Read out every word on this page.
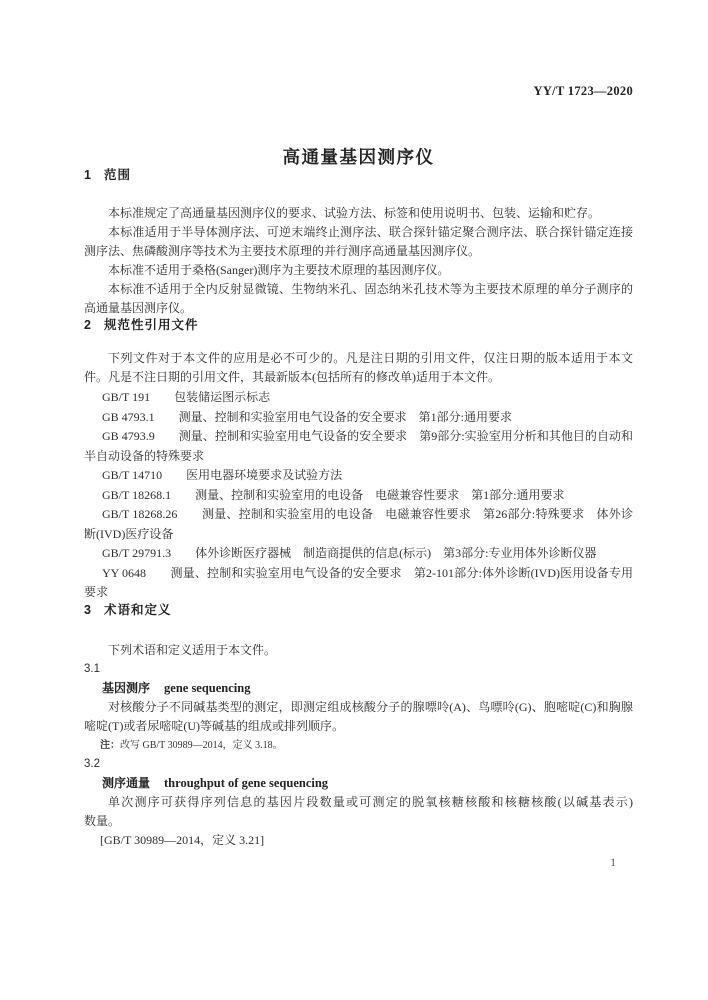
YY/T 1723—2020
高通量基因测序仪
1 范围

本标准规定了高通量基因测序仪的要求、试验方法、标签和使用说明书、包装、运输和贮存。

本标准适用于半导体测序法、可逆末端终止测序法、联合探针锚定聚合测序法、联合探针锚定连接测序法、焦磷酸测序等技术为主要技术原理的并行测序高通量基因测序仪。

本标准不适用于桑格(Sanger)测序为主要技术原理的基因测序仪。

本标准不适用于全内反射显微镜、生物纳米孔、固态纳米孔技术等为主要技术原理的单分子测序的高通量基因测序仪。

2 规范性引用文件

下列文件对于本文件的应用是必不可少的。凡是注日期的引用文件，仅注日期的版本适用于本文件。凡是不注日期的引用文件，其最新版本(包括所有的修改单)适用于本文件。

GB/T 191　　包装储运图示标志

GB 4793.1　　测量、控制和实验室用电气设备的安全要求　第1部分:通用要求

GB 4793.9　　测量、控制和实验室用电气设备的安全要求　第9部分:实验室用分析和其他目的自动和半自动设备的特殊要求

GB/T 14710　　医用电器环境要求及试验方法

GB/T 18268.1　　测量、控制和实验室用的电设备　电磁兼容性要求　第1部分:通用要求

GB/T 18268.26　　测量、控制和实验室用的电设备　电磁兼容性要求　第26部分:特殊要求　体外诊断(IVD)医疗设备

GB/T 29791.3　　体外诊断医疗器械　制造商提供的信息(标示)　第3部分:专业用体外诊断仪器

YY 0648　　测量、控制和实验室用电气设备的安全要求　第2-101部分:体外诊断(IVD)医用设备专用要求

3 术语和定义

下列术语和定义适用于本文件。

3.1

基因测序 gene sequencing

对核酸分子不同碱基类型的测定，即测定组成核酸分子的腺嘌呤(A)、鸟嘌呤(G)、胞嘧啶(C)和胸腺嘧啶(T)或者尿嘧啶(U)等碱基的组成或排列顺序。

注：改写 GB/T 30989—2014，定义 3.18。

3.2

测序通量 throughput of gene sequencing

单次测序可获得序列信息的基因片段数量或可测定的脱氧核糖核酸和核糖核酸(以碱基表示)
数量。

[GB/T 30989—2014，定义 3.21]

1
